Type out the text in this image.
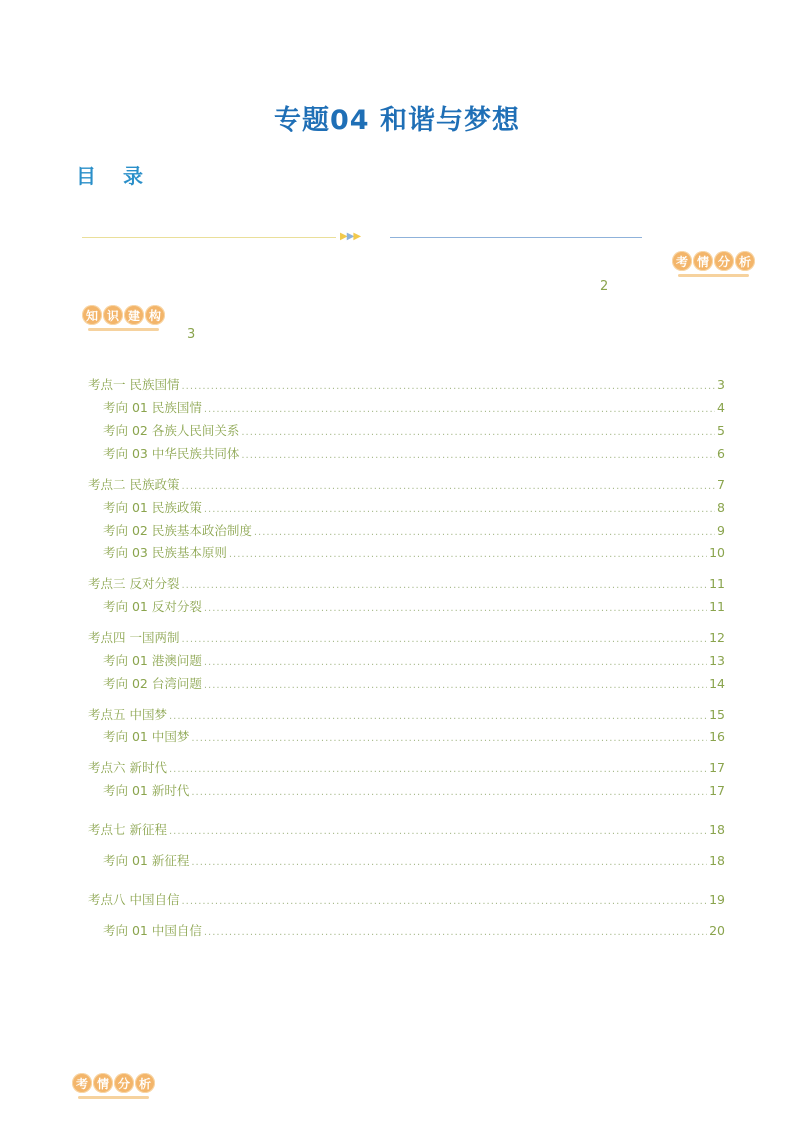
专题04 和谐与梦想
目 录
▶▶▶
考 情 分 析
2
知 识 建 构
3
考点一 民族国情 .....	3
考向 01 民族国情 .....	4
考向 02 各族人民间关系 .....	5
考向 03 中华民族共同体 .....	6
考点二 民族政策 .....	7
考向 01 民族政策 .....	8
考向 02 民族基本政治制度 .....	9
考向 03 民族基本原则 .....	10
考点三 反对分裂 .....	11
考向 01 反对分裂 .....	11
考点四 一国两制 .....	12
考向 01 港澳问题 .....	13
考向 02 台湾问题 .....	14
考点五 中国梦 .....	15
考向 01 中国梦 .....	16
考点六 新时代 .....	17
考向 01 新时代 .....	17
考点七 新征程 .....	18
考向 01 新征程 .....	18
考点八 中国自信 .....	19
考向 01 中国自信 .....	20
考 情 分 析
